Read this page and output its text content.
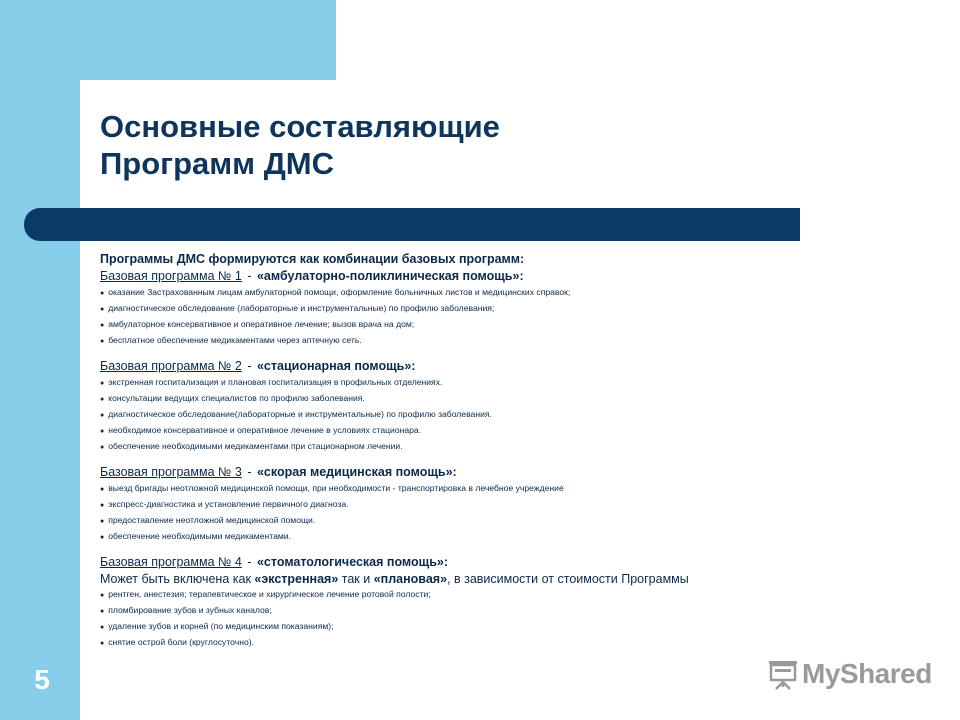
5
Основные составляющие
Программ ДМС

Программы ДМС формируются как комбинации базовых программ:

Базовая программа № 1 - «амбулаторно-поликлиническая помощь»:

● оказание Застрахованным лицам амбулаторной помощи, оформление больничных листов и медицинских справок;
● диагностическое обследование (лабораторные и инструментальные) по профилю заболевания;
● амбулаторное консервативное и оперативное лечение; вызов врача на дом;
● бесплатное обеспечение медикаментами через аптечную сеть.

Базовая программа № 2 - «стационарная помощь»:

● экстренная госпитализация и плановая госпитализация в профильных отделениях.
● консультации ведущих специалистов по профилю заболевания.
● диагностическое обследование(лабораторные и инструментальные) по профилю заболевания.
● необходимое консервативное и оперативное лечение в условиях стационара.
● обеспечение необходимыми медикаментами при стационарном лечении.

Базовая программа № 3 - «скорая медицинская помощь»:

● выезд бригады неотложной медицинской помощи, при необходимости - транспортировка в лечебное учреждение
● экспресс-диагностика и установление первичного диагноза.
● предоставление неотложной медицинской помощи.
● обеспечение необходимыми медикаментами.

Базовая программа № 4 - «стоматологическая помощь»:

Может быть включена как «экстренная» так и «плановая», в зависимости от стоимости Программы

● рентген, анестезия; терапевтическое и хирургическое лечение ротовой полости;
● пломбирование зубов и зубных каналов;
● удаление зубов и корней (по медицинским показаниям);
● снятие острой боли (круглосуточно).
MyShared
